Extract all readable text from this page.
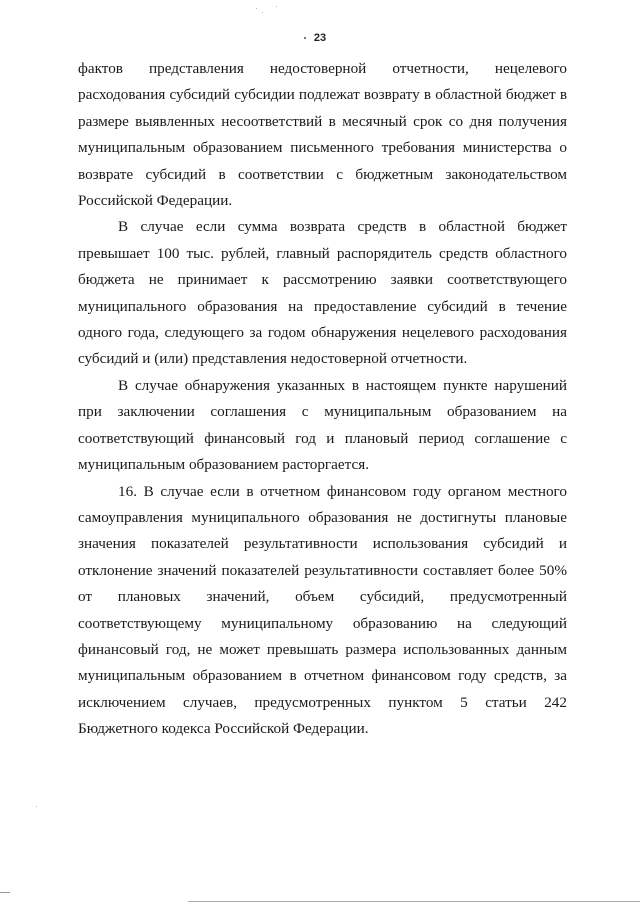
23

фактов представления недостоверной отчетности, нецелевого расходования субсидий субсидии подлежат возврату в областной бюджет в размере выявленных несоответствий в месячный срок со дня получения муниципальным образованием письменного требования министерства о возврате субсидий в соответствии с бюджетным законодательством Российской Федерации.

В случае если сумма возврата средств в областной бюджет превышает 100 тыс. рублей, главный распорядитель средств областного бюджета не принимает к рассмотрению заявки соответствующего муниципального образования на предоставление субсидий в течение одного года, следующего за годом обнаружения нецелевого расходования субсидий и (или) представления недостоверной отчетности.

В случае обнаружения указанных в настоящем пункте нарушений при заключении соглашения с муниципальным образованием на соответствующий финансовый год и плановый период соглашение с муниципальным образованием расторгается.

16. В случае если в отчетном финансовом году органом местного самоуправления муниципального образования не достигнуты плановые значения показателей результативности использования субсидий и отклонение значений показателей результативности составляет более 50% от плановых значений, объем субсидий, предусмотренный соответствующему муниципальному образованию на следующий финансовый год, не может превышать размера использованных данным муниципальным образованием в отчетном финансовом году средств, за исключением случаев, предусмотренных пунктом 5 статьи 242 Бюджетного кодекса Российской Федерации.
